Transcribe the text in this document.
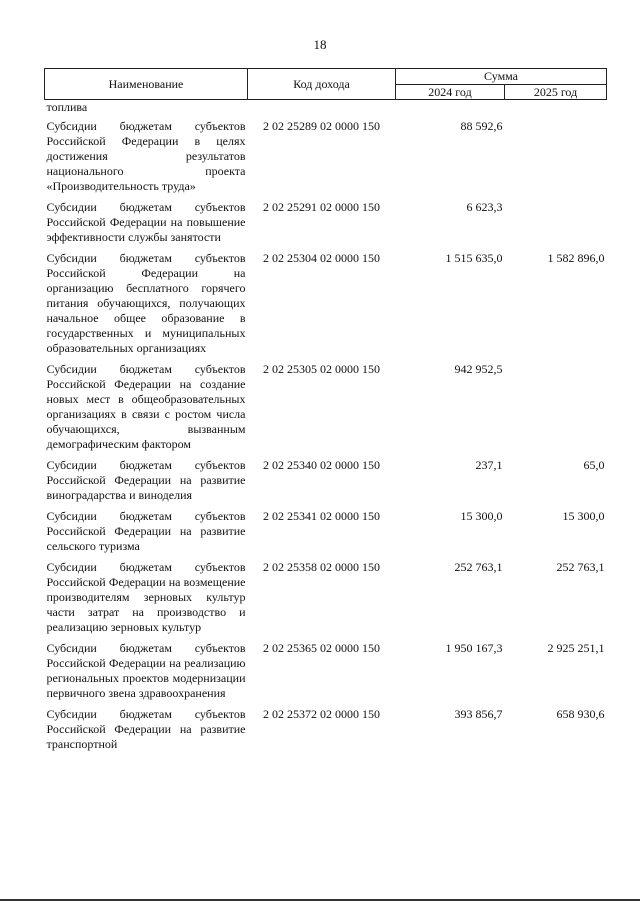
18
Наименование	Код дохода	Сумма	
		2024 год	2025 год
топлива			
Субсидии бюджетам субъектов Российской Федерации в целях достижения результатов национального проекта «Производительность труда»	2 02 25289 02 0000 150	88 592,6	
Субсидии бюджетам субъектов Российской Федерации на повышение эффективности службы занятости	2 02 25291 02 0000 150	6 623,3	
Субсидии бюджетам субъектов Российской Федерации на организацию бесплатного горячего питания обучающихся, получающих начальное общее образование в государственных и муниципальных образовательных организациях	2 02 25304 02 0000 150	1 515 635,0	1 582 896,0
Субсидии бюджетам субъектов Российской Федерации на создание новых мест в общеобразовательных организациях в связи с ростом числа обучающихся, вызванным демографическим фактором	2 02 25305 02 0000 150	942 952,5	
Субсидии бюджетам субъектов Российской Федерации на развитие виноградарства и виноделия	2 02 25340 02 0000 150	237,1	65,0
Субсидии бюджетам субъектов Российской Федерации на развитие сельского туризма	2 02 25341 02 0000 150	15 300,0	15 300,0
Субсидии бюджетам субъектов Российской Федерации на возмещение производителям зерновых культур части затрат на производство и реализацию зерновых культур	2 02 25358 02 0000 150	252 763,1	252 763,1
Субсидии бюджетам субъектов Российской Федерации на реализацию региональных проектов модернизации первичного звена здравоохранения	2 02 25365 02 0000 150	1 950 167,3	2 925 251,1
Субсидии бюджетам субъектов Российской Федерации на развитие транспортной	2 02 25372 02 0000 150	393 856,7	658 930,6
